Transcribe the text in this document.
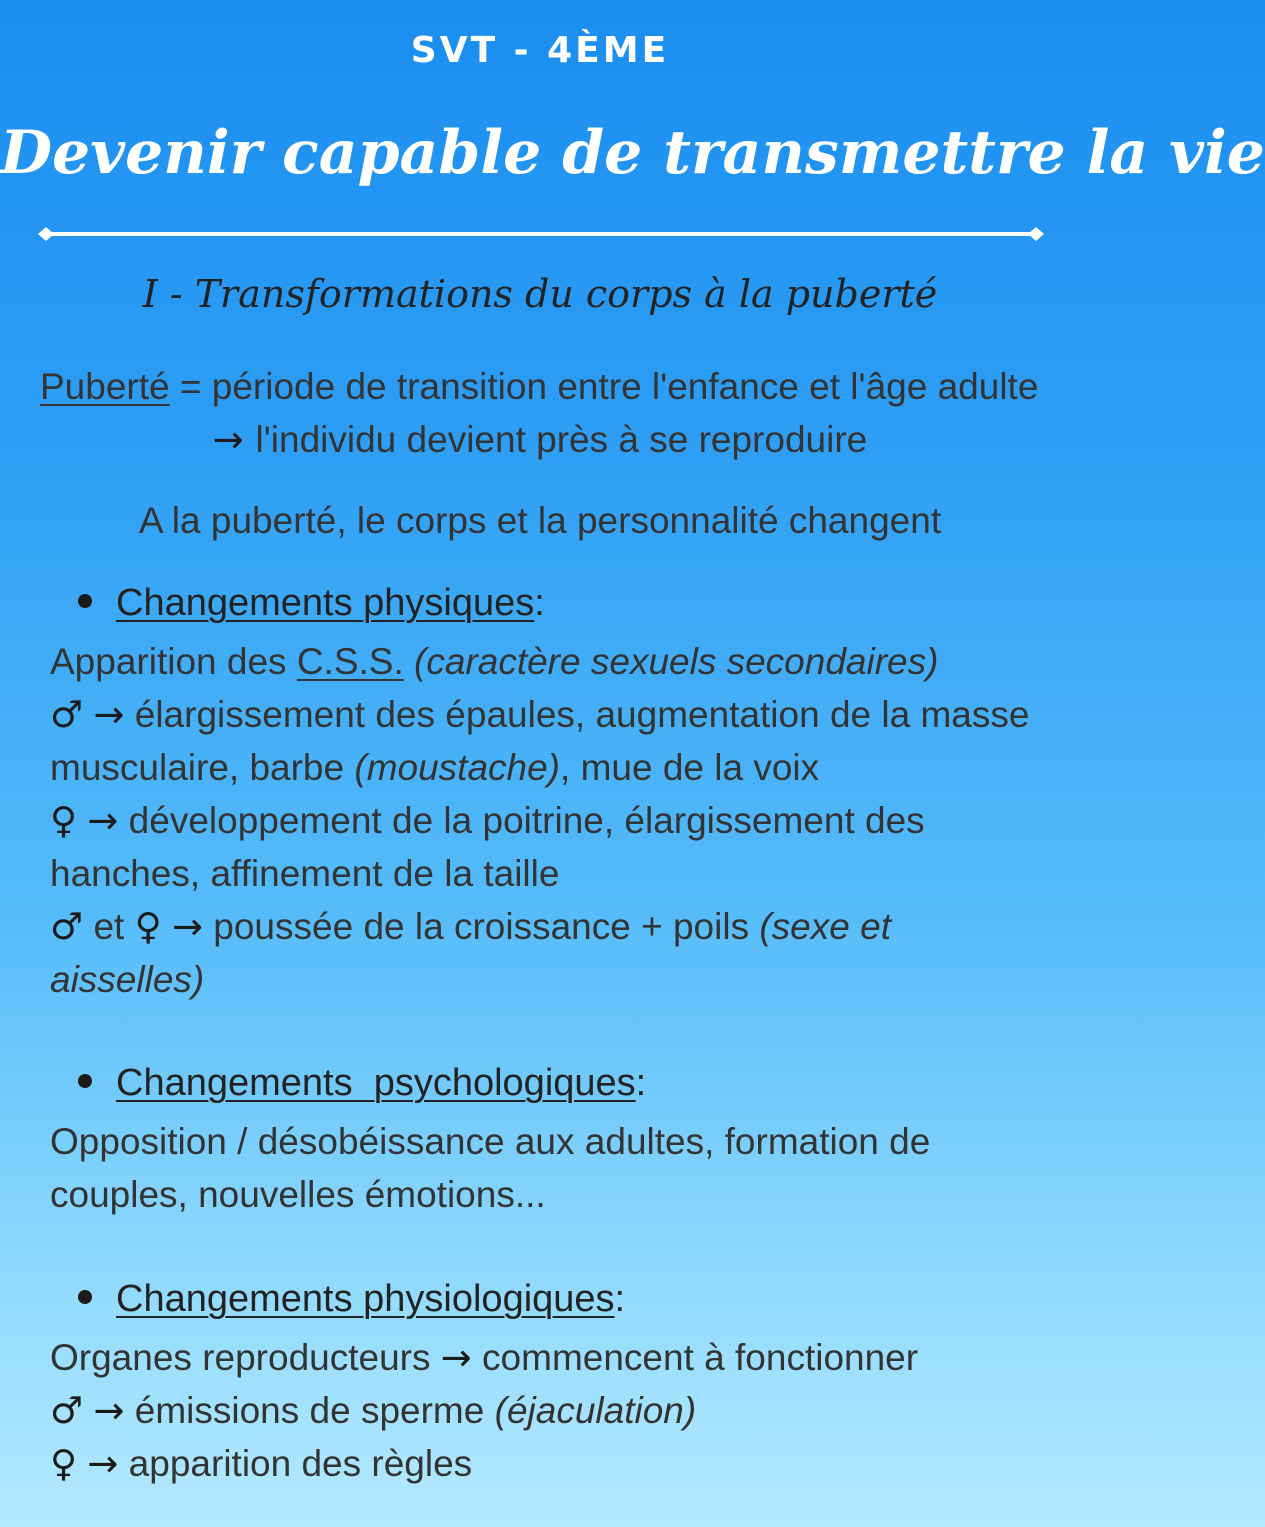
SVT - 4ÈME
Devenir capable de transmettre la vie
I - Transformations du corps à la puberté
Puberté = période de transition entre l'enfance et l'âge adulte
→ l'individu devient près à se reproduire
A la puberté, le corps et la personnalité changent
Changements physiques:
Apparition des C.S.S. (caractère sexuels secondaires)
♂ → élargissement des épaules, augmentation de la masse musculaire, barbe (moustache), mue de la voix
♀ → développement de la poitrine, élargissement des hanches, affinement de la taille
♂ et ♀ → poussée de la croissance + poils (sexe et aisselles)
Changements  psychologiques:
Opposition / désobéissance aux adultes, formation de couples, nouvelles émotions...
Changements physiologiques:
Organes reproducteurs → commencent à fonctionner
♂ → émissions de sperme (éjaculation)
♀ → apparition des règles
